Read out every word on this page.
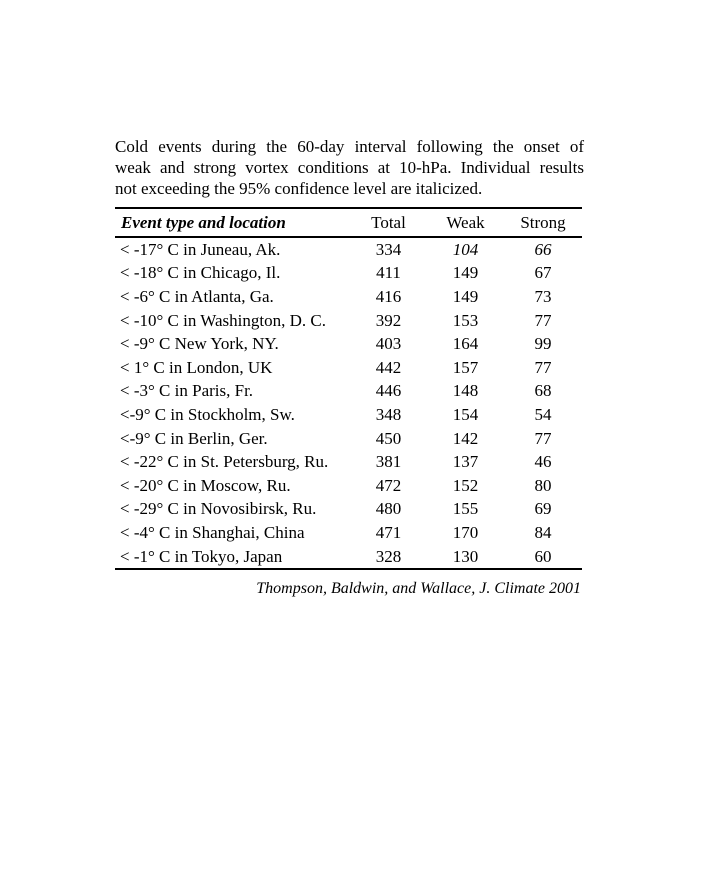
Cold events during the 60-day interval following the onset of
weak and strong vortex conditions at 10-hPa. Individual results
not exceeding the 95% confidence level are italicized.

Event type and location	Total	Weak	Strong
< -17° C in Juneau, Ak.	334	104	66
< -18° C in Chicago, Il.	411	149	67
< -6° C in Atlanta, Ga.	416	149	73
< -10° C in Washington, D. C.	392	153	77
< -9° C New York, NY.	403	164	99
< 1° C in London, UK	442	157	77
< -3° C in Paris, Fr.	446	148	68
<-9° C in Stockholm, Sw.	348	154	54
<-9° C in Berlin, Ger.	450	142	77
< -22° C in St. Petersburg, Ru.	381	137	46
< -20° C in Moscow, Ru.	472	152	80
< -29° C in Novosibirsk, Ru.	480	155	69
< -4° C in Shanghai, China	471	170	84
< -1° C in Tokyo, Japan	328	130	60

Thompson, Baldwin, and Wallace, J. Climate 2001
